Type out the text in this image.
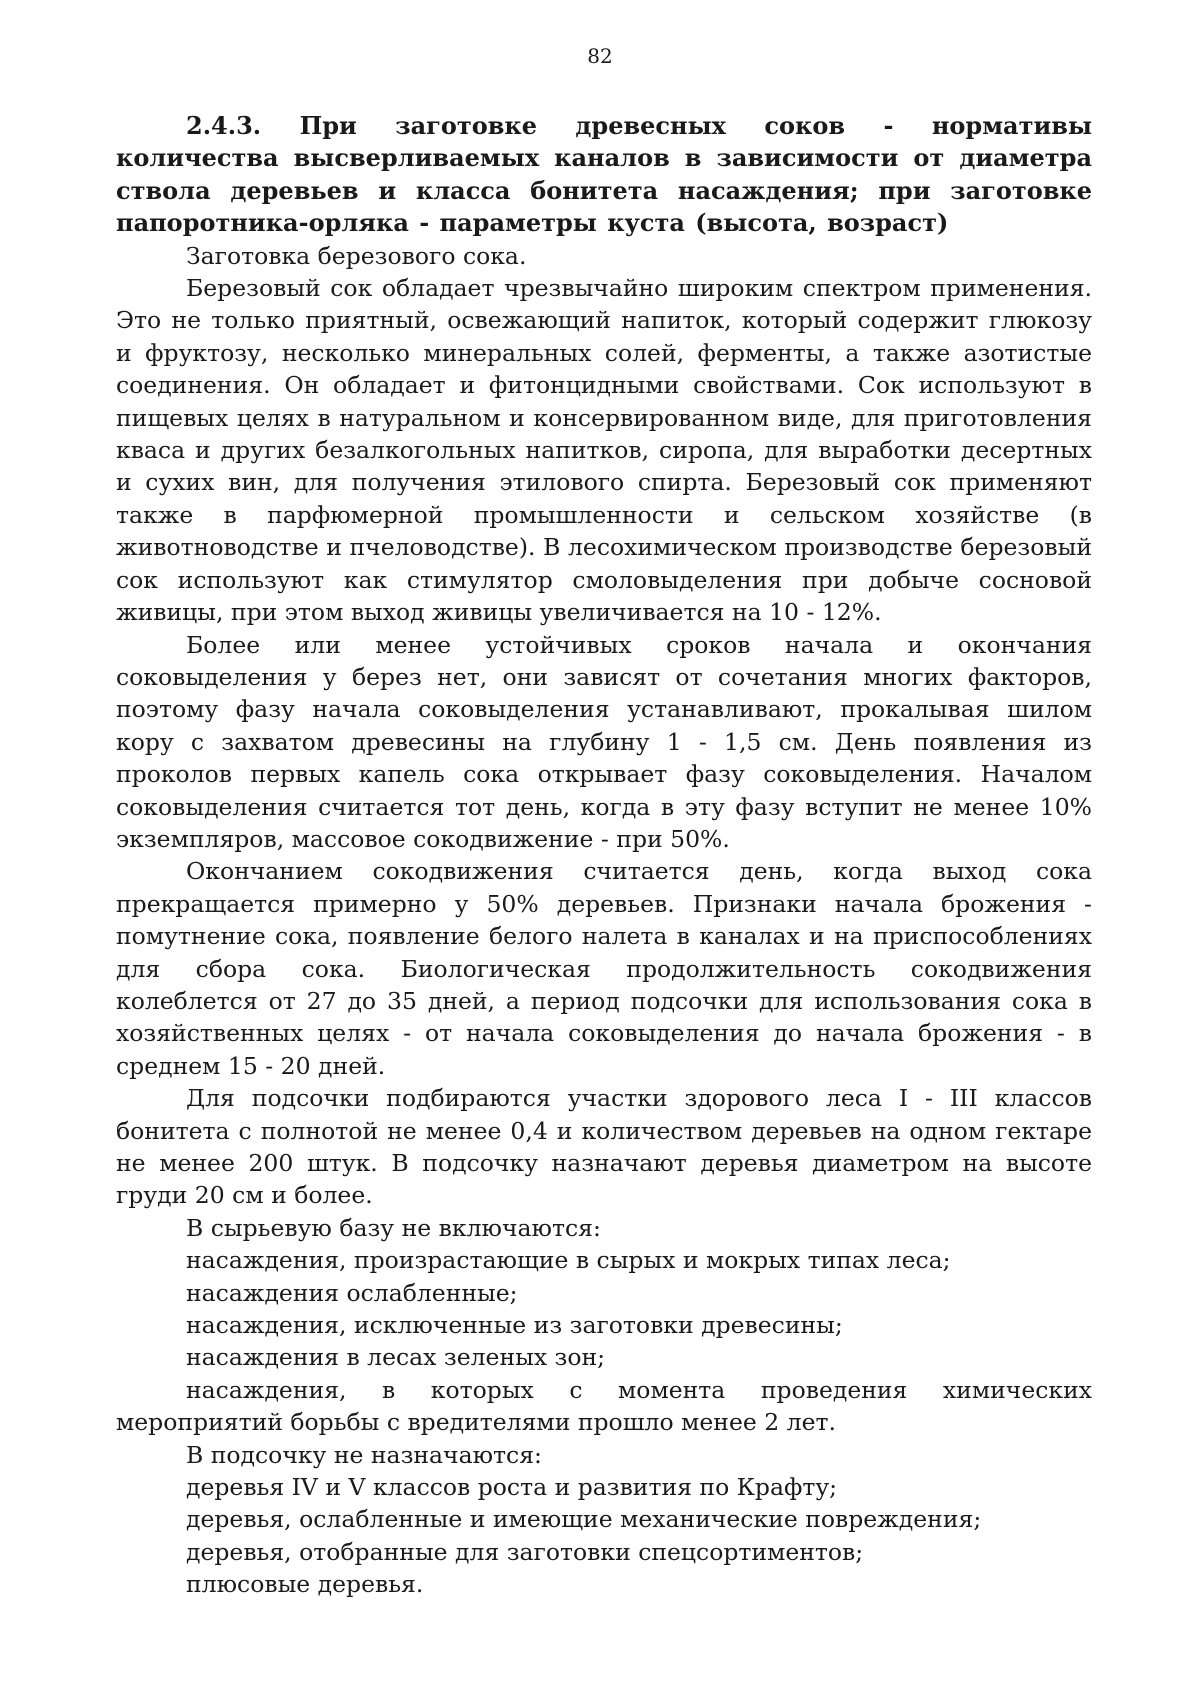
82

2.4.3. При заготовке древесных соков - нормативы количества высверливаемых каналов в зависимости от диаметра ствола деревьев и класса бонитета насаждения; при заготовке папоротника-орляка - параметры куста (высота, возраст)

Заготовка березового сока.

Березовый сок обладает чрезвычайно широким спектром применения. Это не только приятный, освежающий напиток, который содержит глюкозу и фруктозу, несколько минеральных солей, ферменты, а также азотистые соединения. Он обладает и фитонцидными свойствами. Сок используют в пищевых целях в натуральном и консервированном виде, для приготовления кваса и других безалкогольных напитков, сиропа, для выработки десертных и сухих вин, для получения этилового спирта. Березовый сок применяют также в парфюмерной промышленности и сельском хозяйстве (в животноводстве и пчеловодстве). В лесохимическом производстве березовый сок используют как стимулятор смоловыделения при добыче сосновой живицы, при этом выход живицы увеличивается на 10 - 12%.

Более или менее устойчивых сроков начала и окончания соковыделения у берез нет, они зависят от сочетания многих факторов, поэтому фазу начала соковыделения устанавливают, прокалывая шилом кору с захватом древесины на глубину 1 - 1,5 см. День появления из проколов первых капель сока открывает фазу соковыделения. Началом соковыделения считается тот день, когда в эту фазу вступит не менее 10% экземпляров, массовое сокодвижение - при 50%.

Окончанием сокодвижения считается день, когда выход сока прекращается примерно у 50% деревьев. Признаки начала брожения - помутнение сока, появление белого налета в каналах и на приспособлениях для сбора сока. Биологическая продолжительность сокодвижения колеблется от 27 до 35 дней, а период подсочки для использования сока в хозяйственных целях - от начала соковыделения до начала брожения - в среднем 15 - 20 дней.

Для подсочки подбираются участки здорового леса I - III классов бонитета с полнотой не менее 0,4 и количеством деревьев на одном гектаре не менее 200 штук. В подсочку назначают деревья диаметром на высоте груди 20 см и более.

В сырьевую базу не включаются:

насаждения, произрастающие в сырых и мокрых типах леса;

насаждения ослабленные;

насаждения, исключенные из заготовки древесины;

насаждения в лесах зеленых зон;

насаждения, в которых с момента проведения химических мероприятий борьбы с вредителями прошло менее 2 лет.

В подсочку не назначаются:

деревья IV и V классов роста и развития по Крафту;

деревья, ослабленные и имеющие механические повреждения;

деревья, отобранные для заготовки спецсортиментов;

плюсовые деревья.
